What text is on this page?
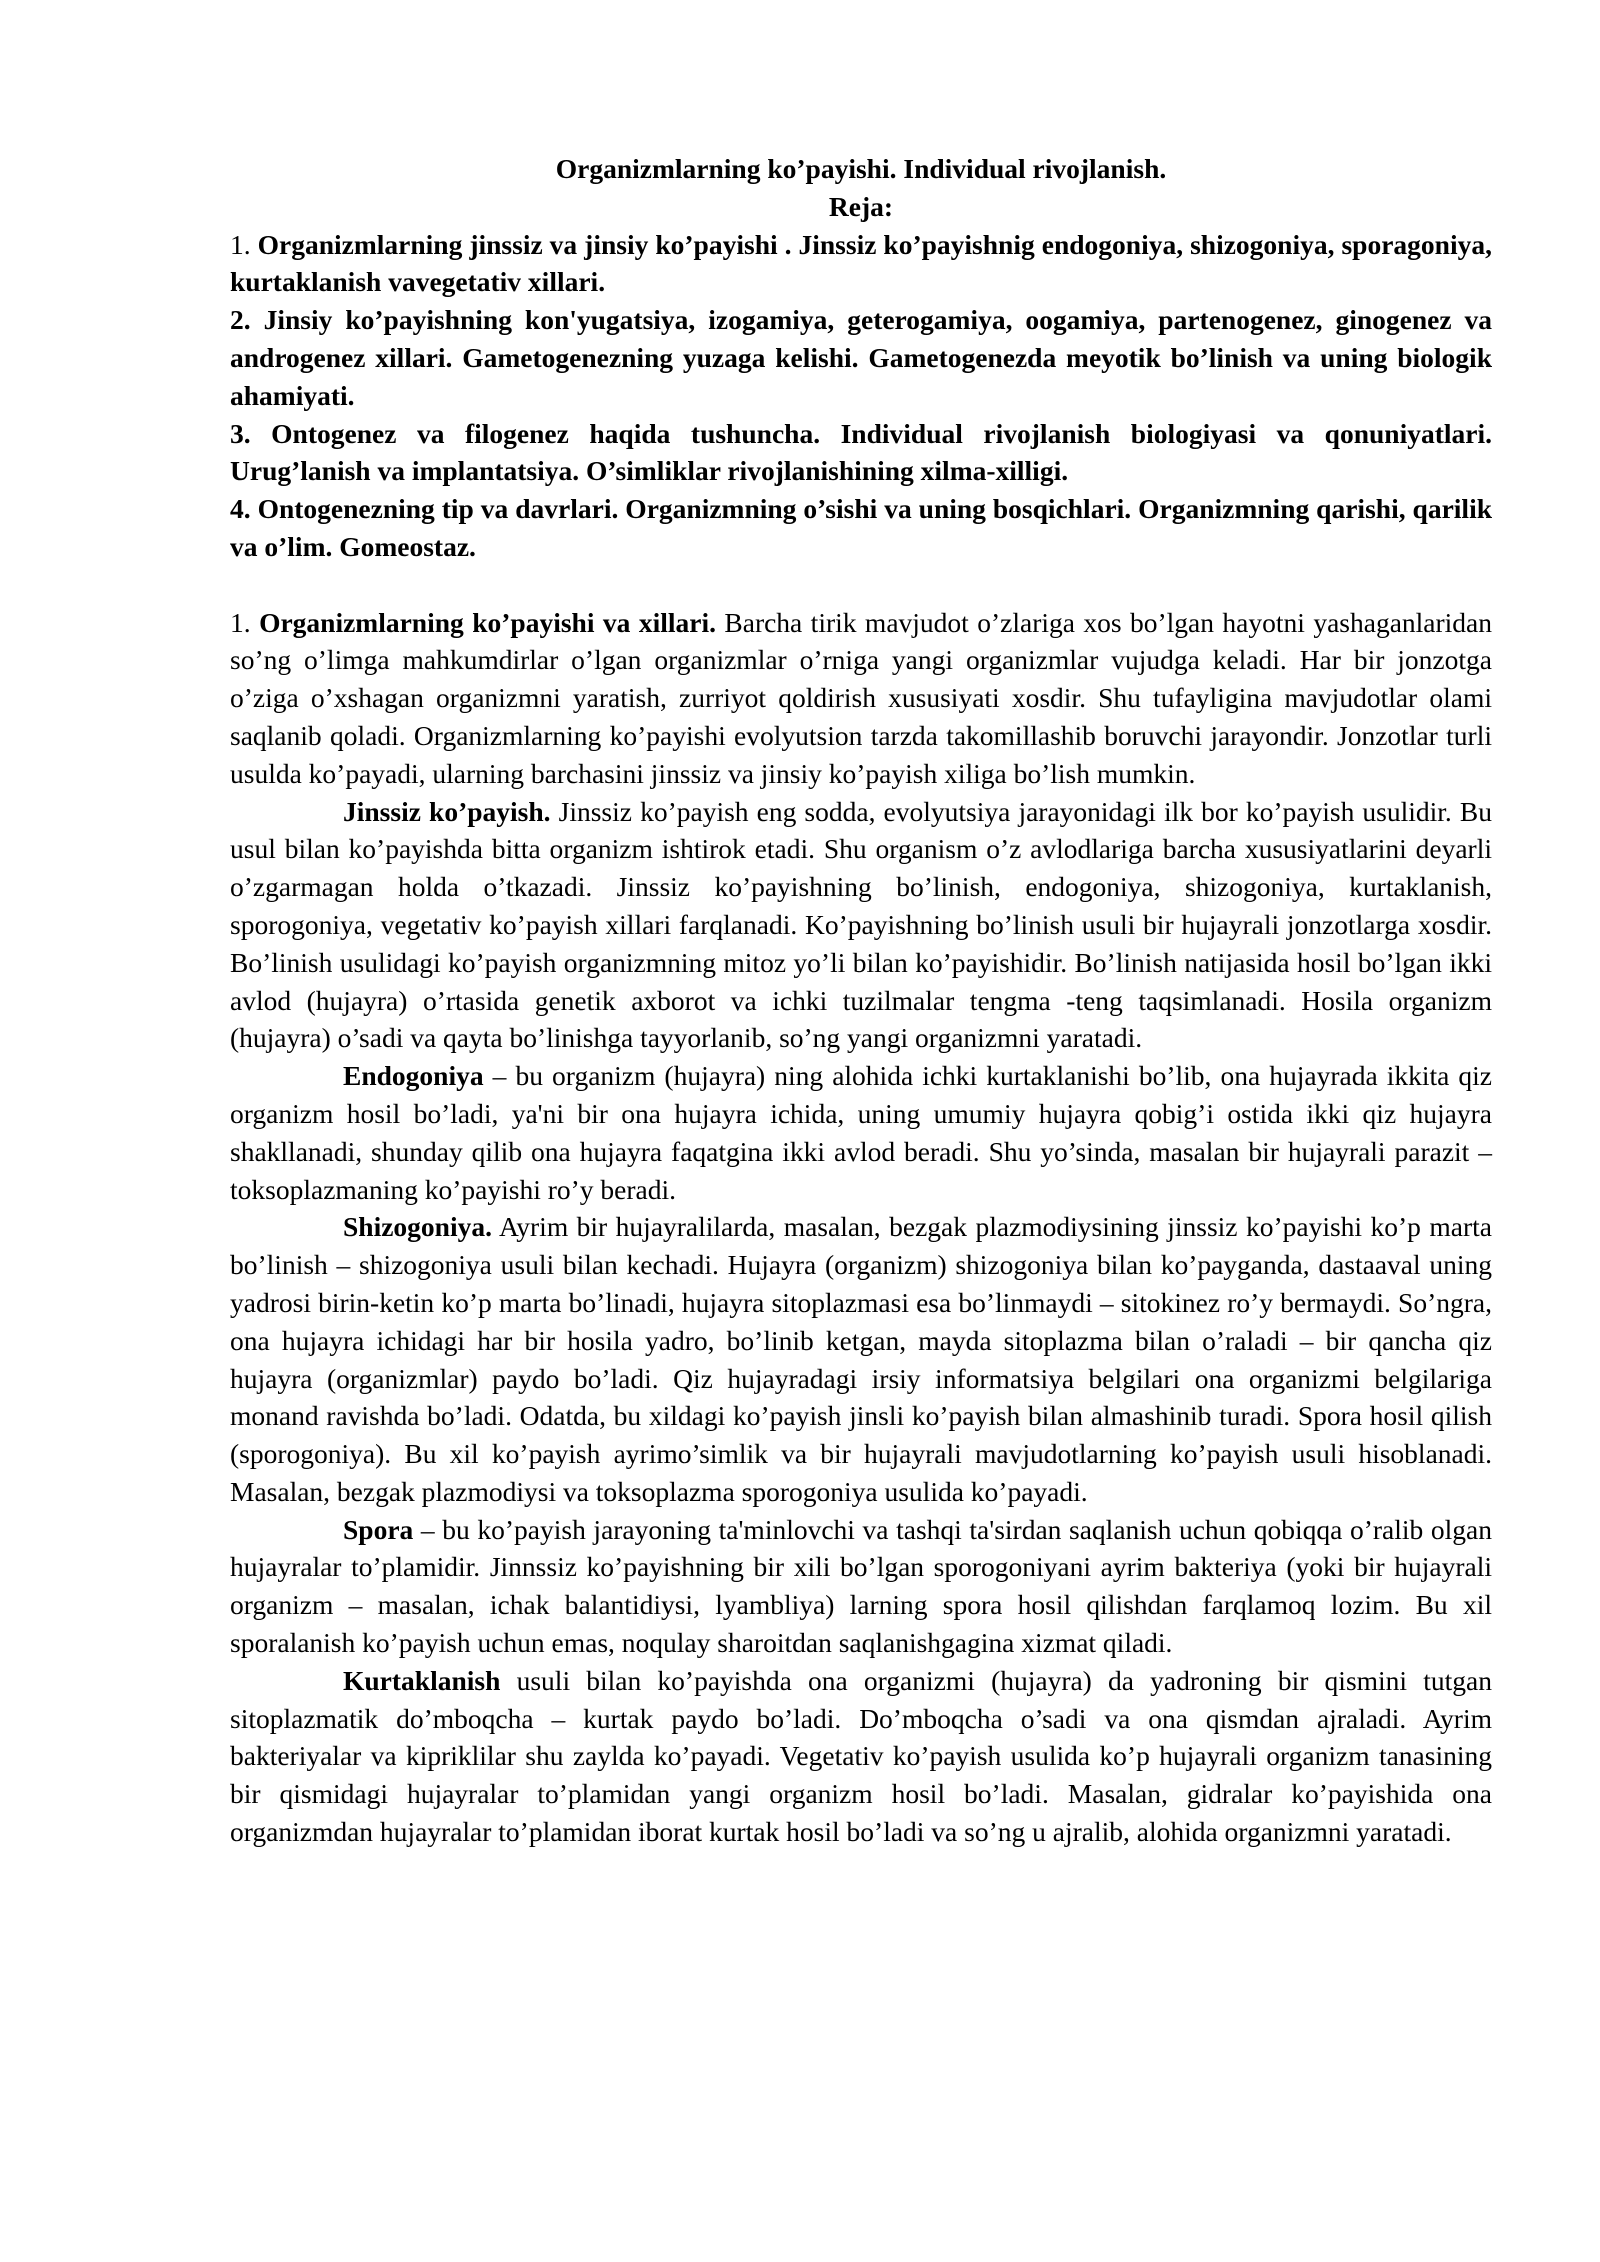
Organizmlarning ko’payishi. Individual rivojlanish.

Reja:

1. Organizmlarning jinssiz va jinsiy ko’payishi . Jinssiz ko’payishnig endogoniya, shizogoniya, sporagoniya, kurtaklanish vavegetativ xillari.

2. Jinsiy ko’payishning kon'yugatsiya, izogamiya, geterogamiya, oogamiya, partenogenez, ginogenez va androgenez xillari. Gametogenezning yuzaga kelishi. Gametogenezda meyotik bo’linish va uning biologik ahamiyati.

3. Ontogenez va filogenez haqida tushuncha. Individual rivojlanish biologiyasi va qonuniyatlari. Urug’lanish va implantatsiya. O’simliklar rivojlanishining xilma-xilligi.

4. Ontogenezning tip va davrlari. Organizmning o’sishi va uning bosqichlari. Organizmning qarishi, qarilik va o’lim. Gomeostaz.

1. Organizmlarning ko’payishi va xillari. Barcha tirik mavjudot o’zlariga xos bo’lgan hayotni yashaganlaridan so’ng o’limga mahkumdirlar o’lgan organizmlar o’rniga yangi organizmlar vujudga keladi. Har bir jonzotga o’ziga o’xshagan organizmni yaratish, zurriyot qoldirish xususiyati xosdir. Shu tufayligina mavjudotlar olami saqlanib qoladi. Organizmlarning ko’payishi evolyutsion tarzda takomillashib boruvchi jarayondir. Jonzotlar turli usulda ko’payadi, ularning barchasini jinssiz va jinsiy ko’payish xiliga bo’lish mumkin.

Jinssiz ko’payish. Jinssiz ko’payish eng sodda, evolyutsiya jarayonidagi ilk bor ko’payish usulidir. Bu usul bilan ko’payishda bitta organizm ishtirok etadi. Shu organism o’z avlodlariga barcha xususiyatlarini deyarli o’zgarmagan holda o’tkazadi. Jinssiz ko’payishning bo’linish, endogoniya, shizogoniya, kurtaklanish, sporogoniya, vegetativ ko’payish xillari farqlanadi. Ko’payishning bo’linish usuli bir hujayrali jonzotlarga xosdir. Bo’linish usulidagi ko’payish organizmning mitoz yo’li bilan ko’payishidir. Bo’linish natijasida hosil bo’lgan ikki avlod (hujayra) o’rtasida genetik axborot va ichki tuzilmalar tengma -teng taqsimlanadi. Hosila organizm (hujayra) o’sadi va qayta bo’linishga tayyorlanib, so’ng yangi organizmni yaratadi.

Endogoniya – bu organizm (hujayra) ning alohida ichki kurtaklanishi bo’lib, ona hujayrada ikkita qiz organizm hosil bo’ladi, ya'ni bir ona hujayra ichida, uning umumiy hujayra qobig’i ostida ikki qiz hujayra shakllanadi, shunday qilib ona hujayra faqatgina ikki avlod beradi. Shu yo’sinda, masalan bir hujayrali parazit –toksoplazmaning ko’payishi ro’y beradi.

Shizogoniya. Ayrim bir hujayralilarda, masalan, bezgak plazmodiysining jinssiz ko’payishi ko’p marta bo’linish – shizogoniya usuli bilan kechadi. Hujayra (organizm) shizogoniya bilan ko’payganda, dastaaval uning yadrosi birin-ketin ko’p marta bo’linadi, hujayra sitoplazmasi esa bo’linmaydi – sitokinez ro’y bermaydi. So’ngra, ona hujayra ichidagi har bir hosila yadro, bo’linib ketgan, mayda sitoplazma bilan o’raladi – bir qancha qiz hujayra (organizmlar) paydo bo’ladi. Qiz hujayradagi irsiy informatsiya belgilari ona organizmi belgilariga monand ravishda bo’ladi. Odatda, bu xildagi ko’payish jinsli ko’payish bilan almashinib turadi. Spora hosil qilish (sporogoniya). Bu xil ko’payish ayrimo’simlik va bir hujayrali mavjudotlarning ko’payish usuli hisoblanadi. Masalan, bezgak plazmodiysi va toksoplazma sporogoniya usulida ko’payadi.

Spora – bu ko’payish jarayoning ta'minlovchi va tashqi ta'sirdan saqlanish uchun qobiqqa o’ralib olgan hujayralar to’plamidir. Jinnssiz ko’payishning bir xili bo’lgan sporogoniyani ayrim bakteriya (yoki bir hujayrali organizm – masalan, ichak balantidiysi, lyambliya) larning spora hosil qilishdan farqlamoq lozim. Bu xil sporalanish ko’payish uchun emas, noqulay sharoitdan saqlanishgagina xizmat qiladi.

Kurtaklanish usuli bilan ko’payishda ona organizmi (hujayra) da yadroning bir qismini tutgan sitoplazmatik do’mboqcha – kurtak paydo bo’ladi. Do’mboqcha o’sadi va ona qismdan ajraladi. Ayrim bakteriyalar va kipriklilar shu zaylda ko’payadi. Vegetativ ko’payish usulida ko’p hujayrali organizm tanasining bir qismidagi hujayralar to’plamidan yangi organizm hosil bo’ladi. Masalan, gidralar ko’payishida ona organizmdan hujayralar to’plamidan iborat kurtak hosil bo’ladi va so’ng u ajralib, alohida organizmni yaratadi.
